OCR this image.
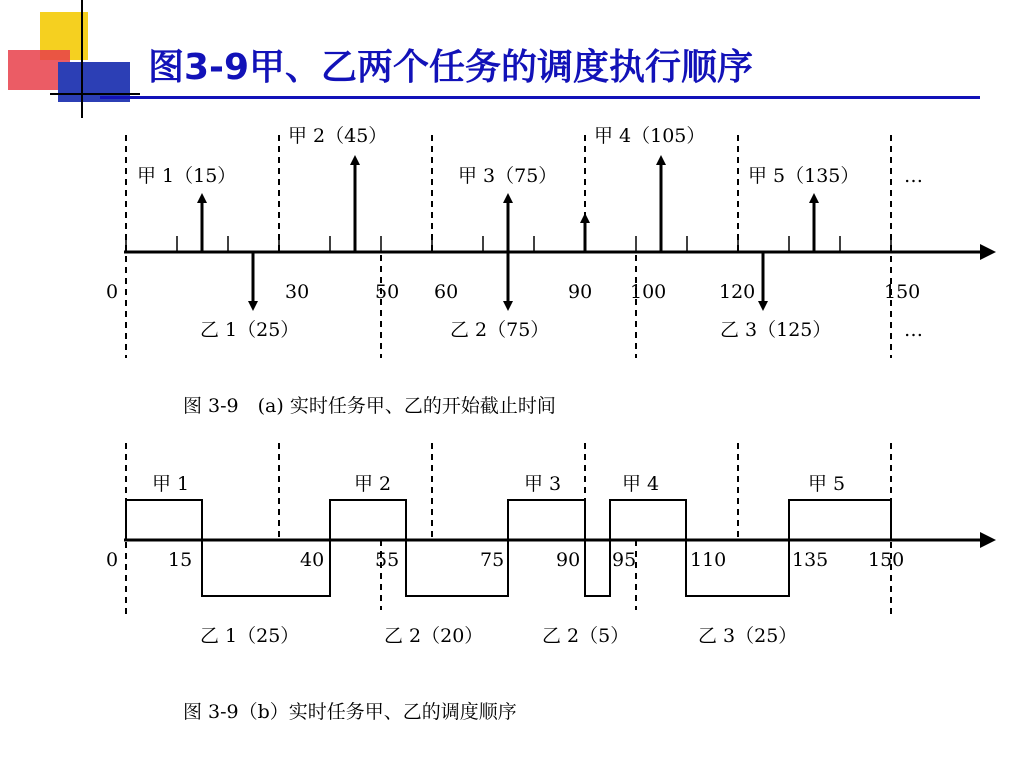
图3-9甲、乙两个任务的调度执行顺序
甲 1（15）
甲 2（45）
甲 3（75）
甲 4（105）
甲 5（135） …
0	30	50 60	90 100	120	150
乙 1（25）	乙 2（75）	乙 3（125）	…
图 3-9　(a) 实时任务甲、乙的开始截止时间
甲 1	甲 2	甲 3	甲 4	甲 5
0	15	40	55	75	90 95	110	135 150
乙 1（25）	乙 2（20）	乙 2（5）	乙 3（25）
图 3-9（b）实时任务甲、乙的调度顺序
